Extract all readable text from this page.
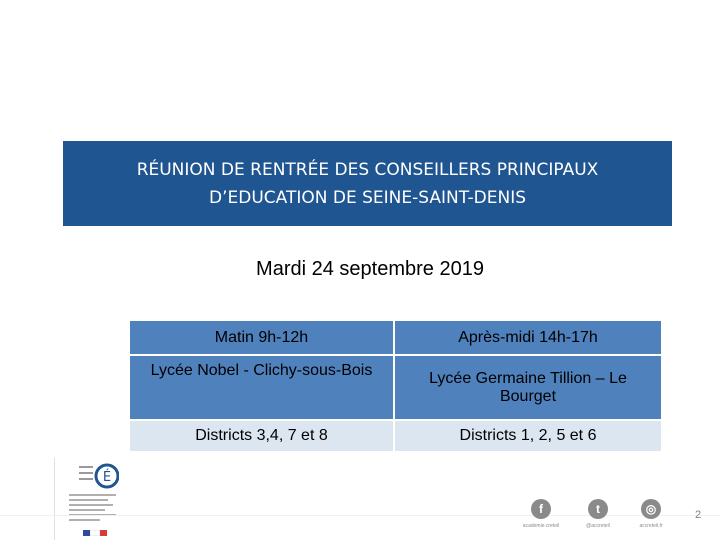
RÉUNION DE RENTRÉE DES CONSEILLERS PRINCIPAUX
D’EDUCATION DE SEINE-SAINT-DENIS
Mardi 24 septembre 2019
Matin 9h-12h	Après-midi 14h-17h
Lycée Nobel - Clichy-sous-Bois	Lycée Germaine Tillion – Le Bourget
Districts 3,4, 7 et 8	Districts 1, 2, 5 et 6
É
f
academie.creteil
t
@accreteil
◎
accreteil.fr
2
